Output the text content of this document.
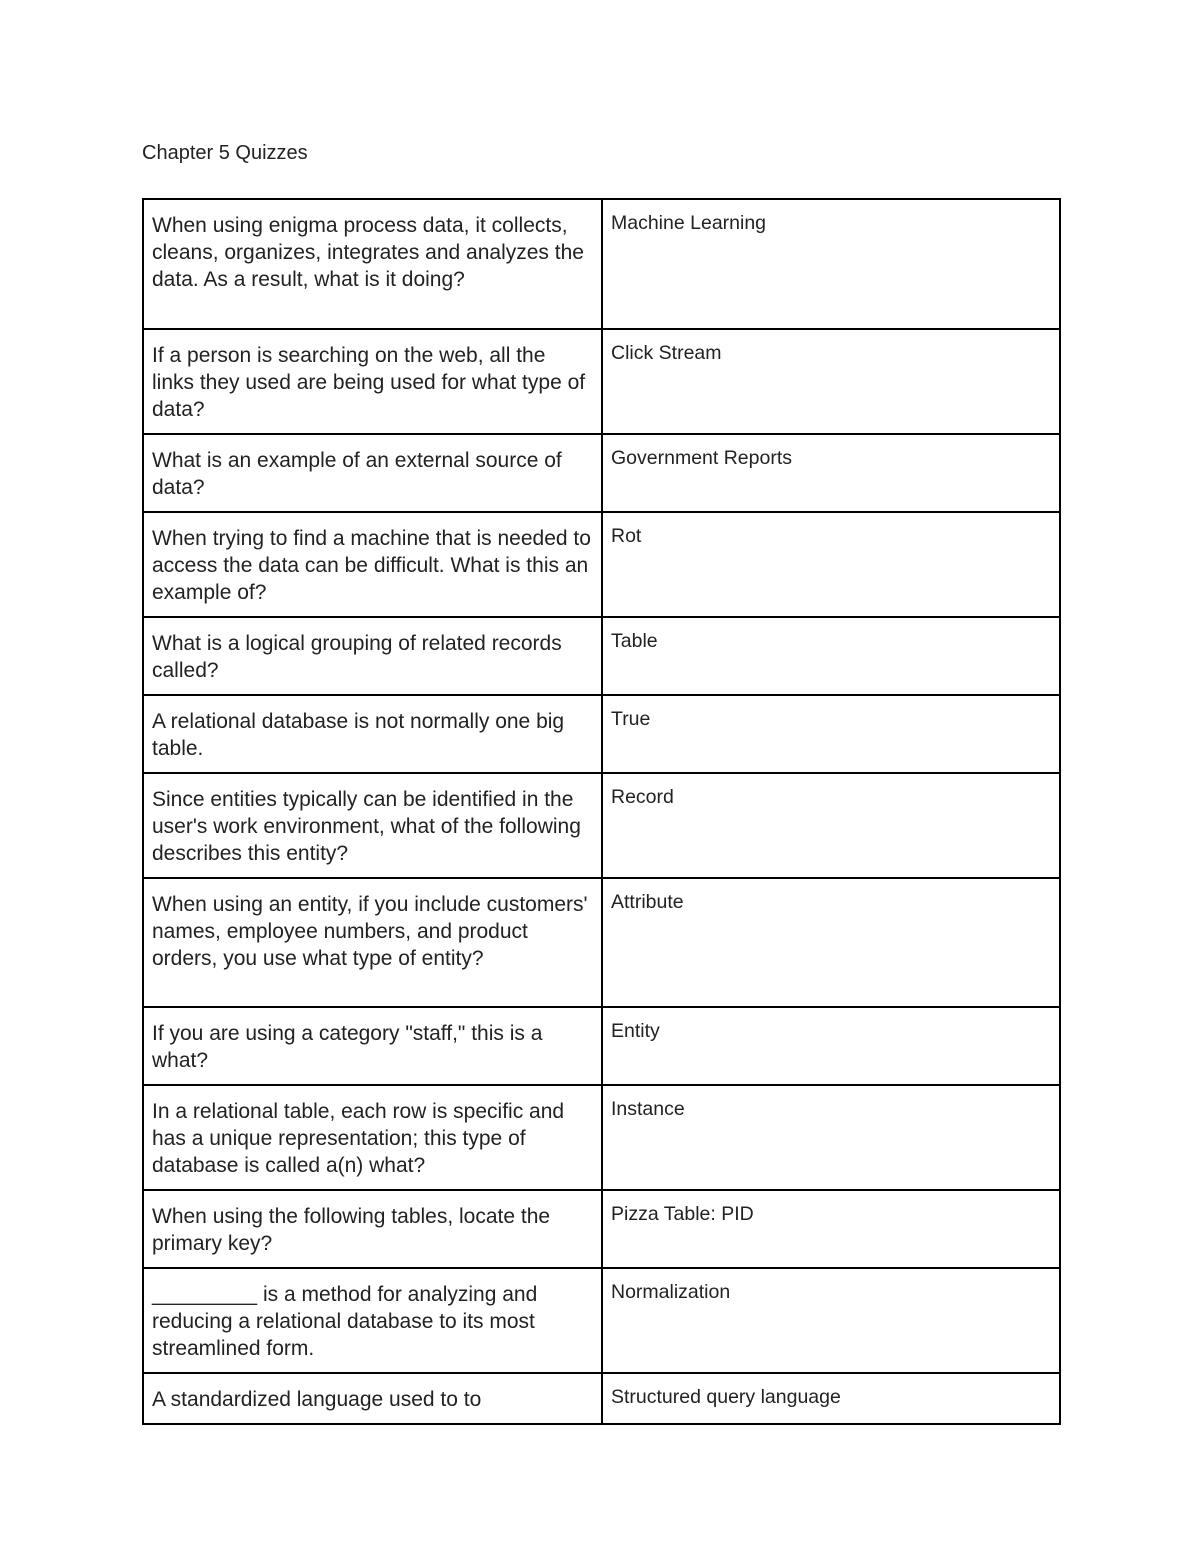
Chapter 5 Quizzes
When using enigma process data, it collects, cleans, organizes, integrates and analyzes the data. As a result, what is it doing?	Machine Learning
If a person is searching on the web, all the links they used are being used for what type of data?	Click Stream
What is an example of an external source of data?	Government Reports
When trying to find a machine that is needed to access the data can be difficult. What is this an example of?	Rot
What is a logical grouping of related records called?	Table
A relational database is not normally one big table.	True
Since entities typically can be identified in the user's work environment, what of the following describes this entity?	Record
When using an entity, if you include customers' names, employee numbers, and product orders, you use what type of entity?	Attribute
If you are using a category "staff," this is a what?	Entity
In a relational table, each row is specific and has a unique representation; this type of database is called a(n) what?	Instance
When using the following tables, locate the primary key?	Pizza Table: PID
_________ is a method for analyzing and reducing a relational database to its most streamlined form.	Normalization
A standardized language used to to	Structured query language
